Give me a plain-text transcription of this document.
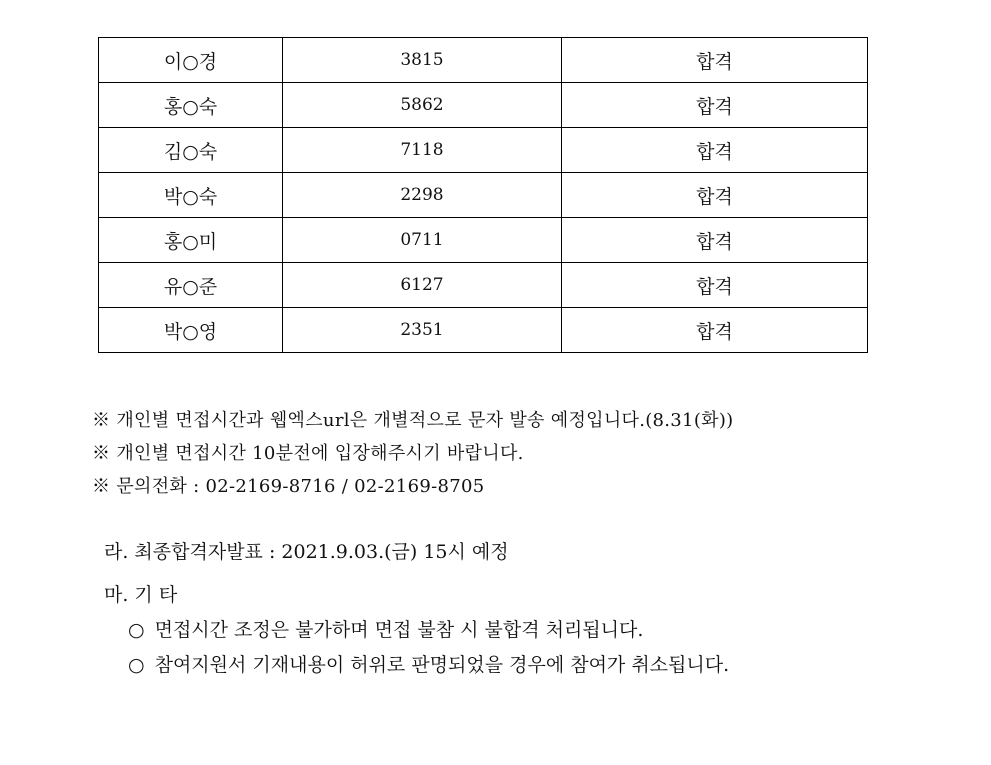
이○경	3815	합격
홍○숙	5862	합격
김○숙	7118	합격
박○숙	2298	합격
홍○미	0711	합격
유○준	6127	합격
박○영	2351	합격
※ 개인별 면접시간과 웹엑스url은 개별적으로 문자 발송 예정입니다.(8.31(화))
※ 개인별 면접시간 10분전에 입장해주시기 바랍니다.
※ 문의전화 : 02-2169-8716 / 02-2169-8705
라. 최종합격자발표 : 2021.9.03.(금) 15시 예정
마. 기 타
○ 면접시간 조정은 불가하며 면접 불참 시 불합격 처리됩니다.
○ 참여지원서 기재내용이 허위로 판명되었을 경우에 참여가 취소됩니다.
